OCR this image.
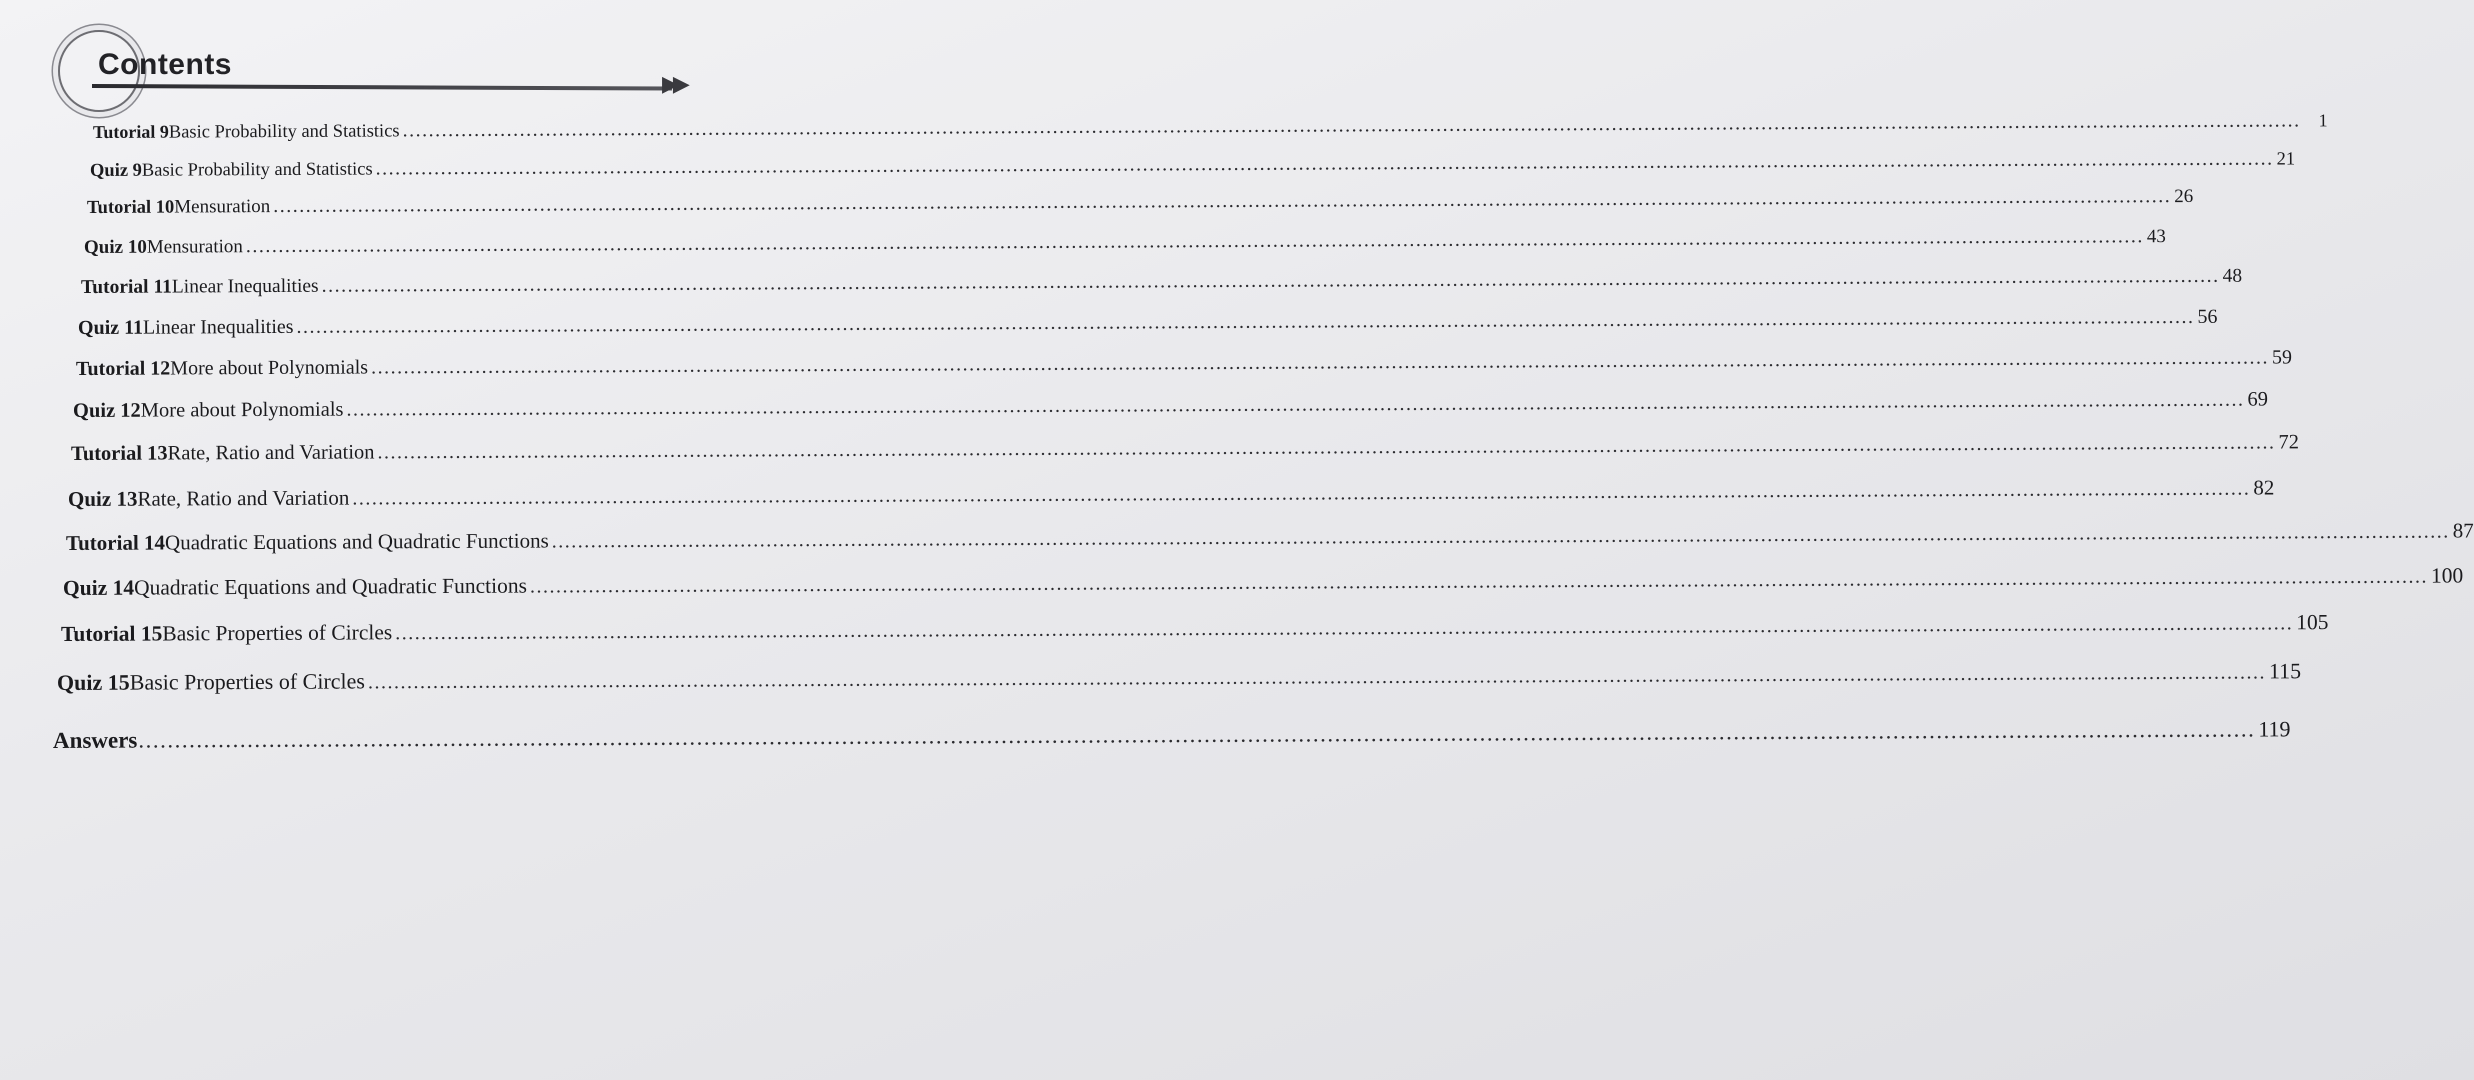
Contents
▶▶
Tutorial 9 Basic Probability and Statistics .................................................................................................................................................................................................................................................................................................... 1
Quiz 9 Basic Probability and Statistics .................................................................................................................................................................................................................................................................................................... 21
Tutorial 10 Mensuration .................................................................................................................................................................................................................................................................................................... 26
Quiz 10 Mensuration .................................................................................................................................................................................................................................................................................................... 43
Tutorial 11 Linear Inequalities .................................................................................................................................................................................................................................................................................................... 48
Quiz 11 Linear Inequalities .................................................................................................................................................................................................................................................................................................... 56
Tutorial 12 More about Polynomials .................................................................................................................................................................................................................................................................................................... 59
Quiz 12 More about Polynomials .................................................................................................................................................................................................................................................................................................... 69
Tutorial 13 Rate, Ratio and Variation .................................................................................................................................................................................................................................................................................................... 72
Quiz 13 Rate, Ratio and Variation .................................................................................................................................................................................................................................................................................................... 82
Tutorial 14 Quadratic Equations and Quadratic Functions .................................................................................................................................................................................................................................................................................................... 87
Quiz 14 Quadratic Equations and Quadratic Functions .................................................................................................................................................................................................................................................................................................... 100
Tutorial 15 Basic Properties of Circles .................................................................................................................................................................................................................................................................................................... 105
Quiz 15 Basic Properties of Circles .................................................................................................................................................................................................................................................................................................... 115
Answers .................................................................................................................................................................................................................................................................................................... 119
